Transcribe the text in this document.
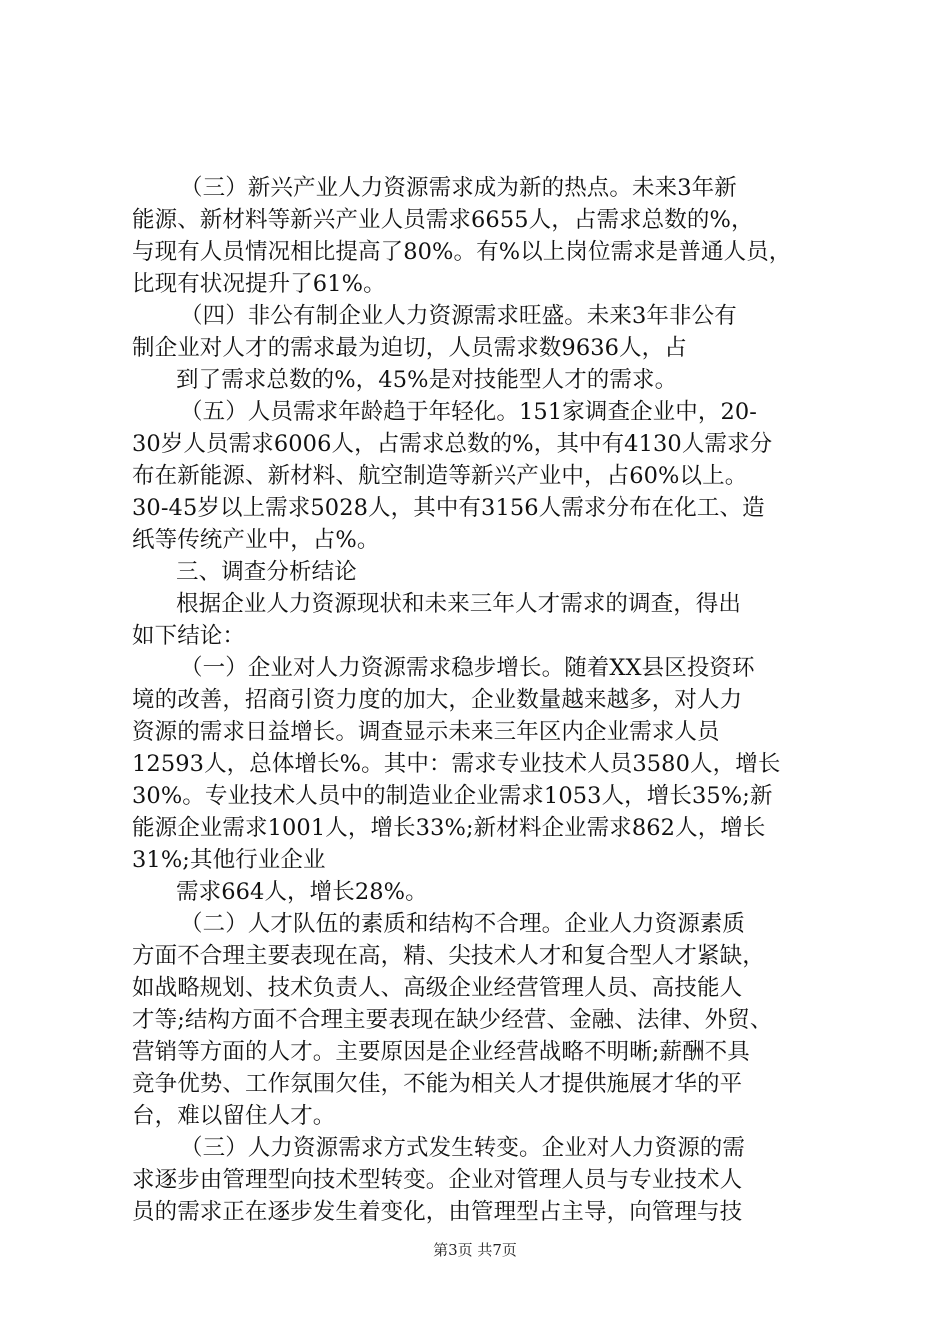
（三）新兴产业人力资源需求成为新的热点。未来3年新
能源、新材料等新兴产业人员需求6655人，占需求总数的%，
与现有人员情况相比提高了80%。有%以上岗位需求是普通人员，
比现有状况提升了61%。
（四）非公有制企业人力资源需求旺盛。未来3年非公有
制企业对人才的需求最为迫切，人员需求数9636人，占
到了需求总数的%，45%是对技能型人才的需求。
（五）人员需求年龄趋于年轻化。151家调查企业中，20-
30岁人员需求6006人，占需求总数的%，其中有4130人需求分
布在新能源、新材料、航空制造等新兴产业中，占60%以上。
30-45岁以上需求5028人，其中有3156人需求分布在化工、造
纸等传统产业中，占%。
三、调查分析结论
根据企业人力资源现状和未来三年人才需求的调查，得出
如下结论：
（一）企业对人力资源需求稳步增长。随着XX县区投资环
境的改善，招商引资力度的加大，企业数量越来越多，对人力
资源的需求日益增长。调查显示未来三年区内企业需求人员
12593人，总体增长%。其中：需求专业技术人员3580人，增长
30%。专业技术人员中的制造业企业需求1053人，增长35%;新
能源企业需求1001人，增长33%;新材料企业需求862人，增长
31%;其他行业企业
需求664人，增长28%。
（二）人才队伍的素质和结构不合理。企业人力资源素质
方面不合理主要表现在高，精、尖技术人才和复合型人才紧缺，
如战略规划、技术负责人、高级企业经营管理人员、高技能人
才等;结构方面不合理主要表现在缺少经营、金融、法律、外贸、
营销等方面的人才。主要原因是企业经营战略不明晰;薪酬不具
竞争优势、工作氛围欠佳，不能为相关人才提供施展才华的平
台，难以留住人才。
（三）人力资源需求方式发生转变。企业对人力资源的需
求逐步由管理型向技术型转变。企业对管理人员与专业技术人
员的需求正在逐步发生着变化，由管理型占主导，向管理与技
第3页 共7页
